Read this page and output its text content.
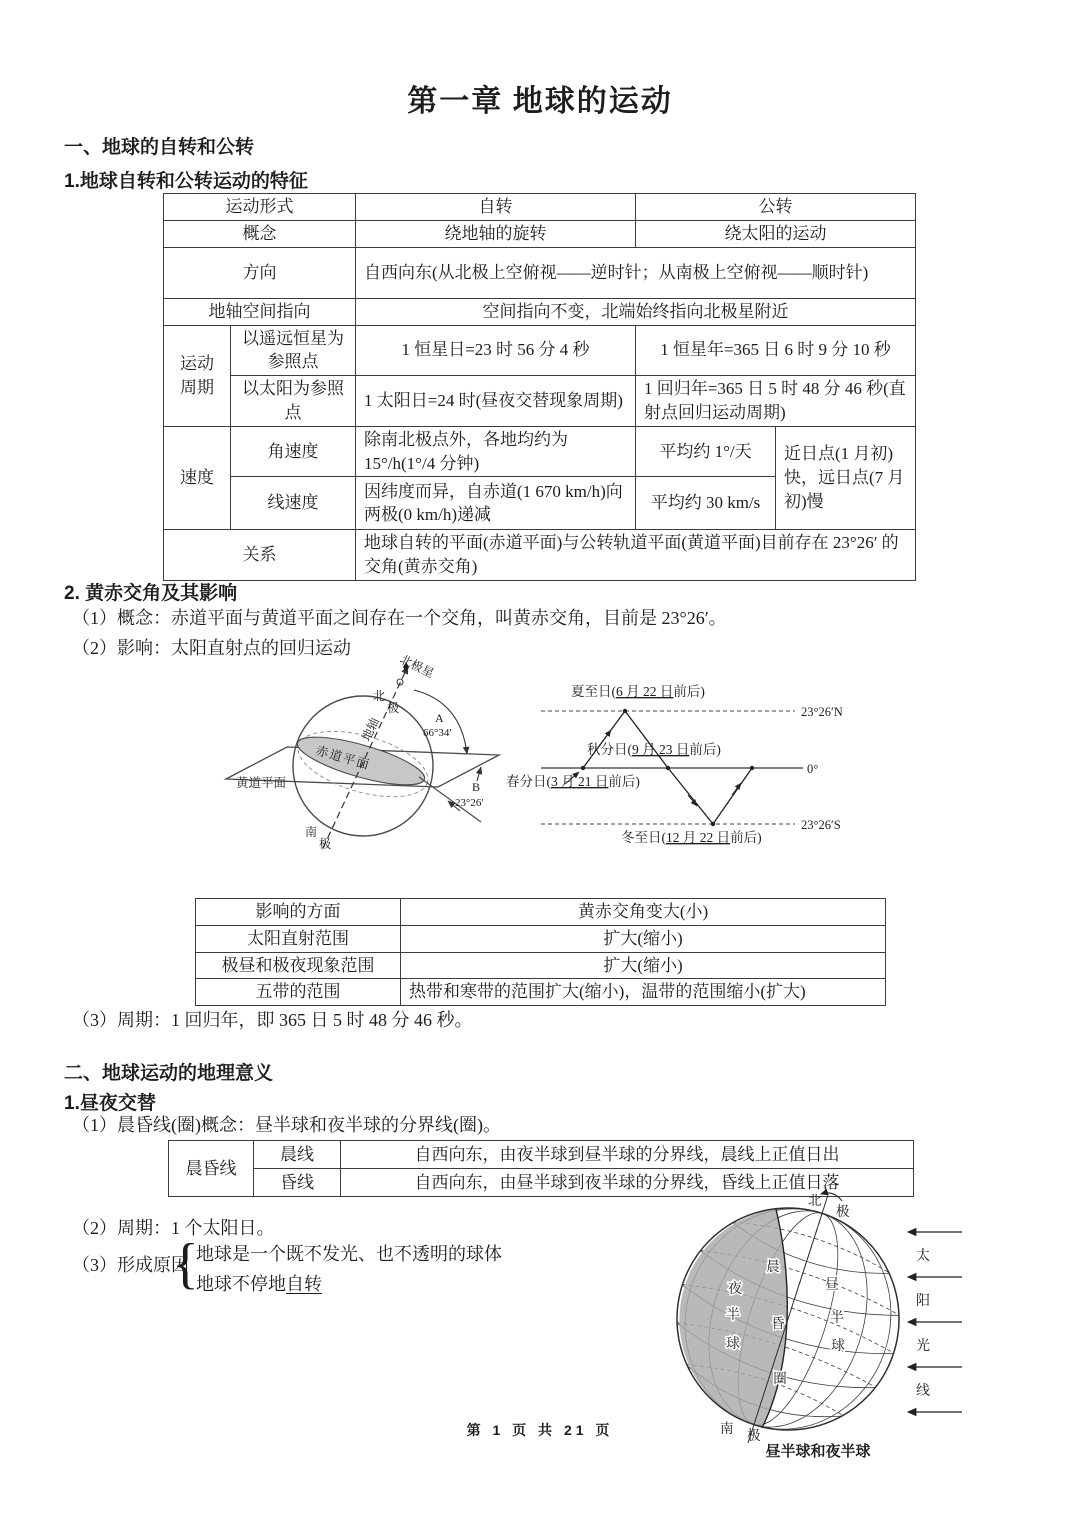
第一章 地球的运动
一、地球的自转和公转
1.地球自转和公转运动的特征
运动形式		自转	公转	
概念		绕地轴的旋转	绕太阳的运动	
方向		自西向东(从北极上空俯视——逆时针；从南极上空俯视——顺时针)		
地轴空间指向		空间指向不变，北端始终指向北极星附近		
运动周期	以遥远恒星为参照点	1 恒星日=23 时 56 分 4 秒	1 恒星年=365 日 6 时 9 分 10 秒	
	以太阳为参照点	1 太阳日=24 时(昼夜交替现象周期)	1 回归年=365 日 5 时 48 分 46 秒(直射点回归运动周期)	
速度	角速度	除南北极点外，各地均约为 15°/h(1°/4 分钟)	平均约 1°/天	近日点(1 月初)快，远日点(7 月初)慢
	线速度	因纬度而异，自赤道(1 670 km/h)向两极(0 km/h)递减	平均约 30 km/s	
关系		地球自转的平面(赤道平面)与公转轨道平面(黄道平面)目前存在 23°26′ 的交角(黄赤交角)		
2. 黄赤交角及其影响
（1）概念：赤道平面与黄道平面之间存在一个交角，叫黄赤交角，目前是 23°26′。
（2）影响：太阳直射点的回归运动
北极星
北
极
地轴
赤道平面
黄道平面
南
极
A
66°34′
B
23°26′
夏至日(6 月 22 日前后)
秋分日(9 月 23 日前后)
春分日(3 月 21 日前后)
冬至日(12 月 22 日前后)
23°26′N
0°
23°26′S
影响的方面	黄赤交角变大(小)
太阳直射范围	扩大(缩小)
极昼和极夜现象范围	扩大(缩小)
五带的范围	热带和寒带的范围扩大(缩小)，温带的范围缩小(扩大)
（3）周期：1 回归年，即 365 日 5 时 48 分 46 秒。
二、地球运动的地理意义
1.昼夜交替
（1）晨昏线(圈)概念：昼半球和夜半球的分界线(圈)。
晨昏线	晨线	自西向东，由夜半球到昼半球的分界线，晨线上正值日出
	昏线	自西向东，由昼半球到夜半球的分界线，昏线上正值日落
（2）周期：1 个太阳日。
（3）形成原因
{
地球是一个既不发光、也不透明的球体
地球不停地自转
北
极
南 极
夜
半
球
昼
半
球
晨
昏
圈
太
阳
光
线
昼半球和夜半球
第 1 页 共 21 页
